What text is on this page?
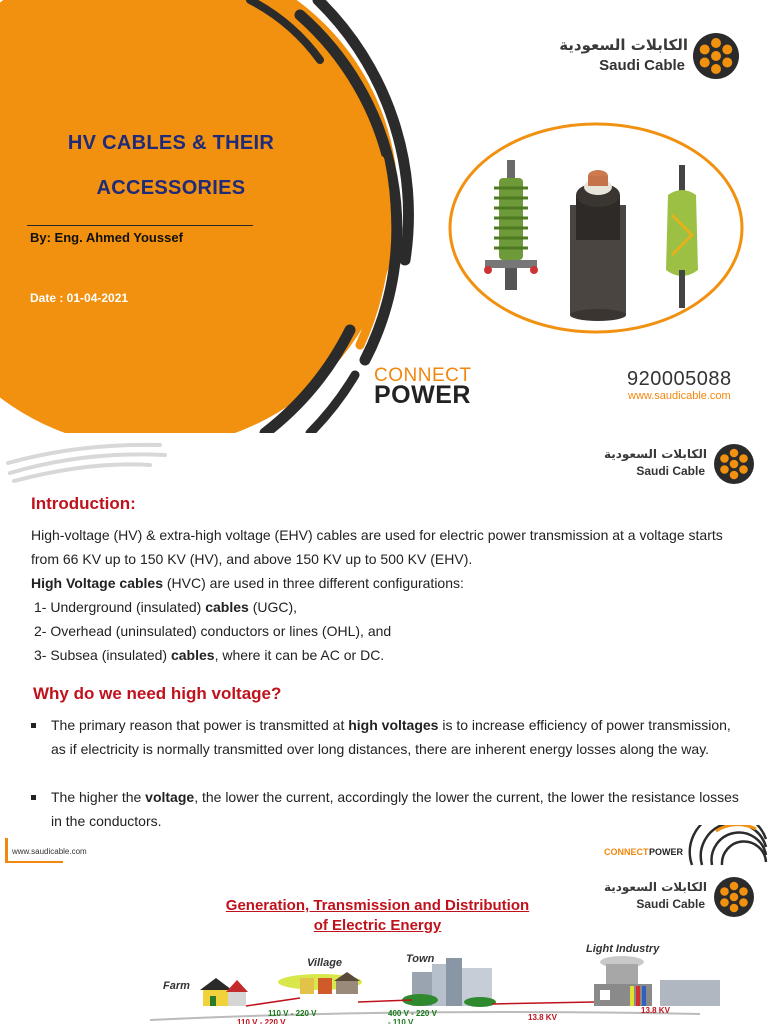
HV CABLES & THEIR
ACCESSORIES
By: Eng. Ahmed Youssef
Date : 01-04-2021
الكابلات السعودية
Saudi Cable
CONNECT
POWER
920005088
www.saudicable.com
الكابلات السعودية
Saudi Cable
Introduction:
High-voltage (HV) & extra-high voltage (EHV) cables are used for electric power transmission at a voltage starts from 66 KV up to 150 KV (HV), and above 150 KV up to 500 KV (EHV).
High Voltage cables (HVC) are used in three different configurations:
1- Underground (insulated) cables (UGC),
2- Overhead (uninsulated) conductors or lines (OHL), and
3- Subsea (insulated) cables, where it can be AC or DC.
Why do we need high voltage?
The primary reason that power is transmitted at high voltages is to increase efficiency of power transmission, as if electricity is normally transmitted over long distances, there are inherent energy losses along the way.
The higher the voltage, the lower the current, accordingly the lower the current, the lower the resistance losses in the conductors.
www.saudicable.com	CONNECT POWER
الكابلات السعودية
Saudi Cable
Generation, Transmission and Distribution
of Electric Energy
Farm
Village	Town
Light Industry
110 V - 220 V
110 V - 220 V
400 V - 220 V
- 110 V
13.8 KV
13.8 KV
